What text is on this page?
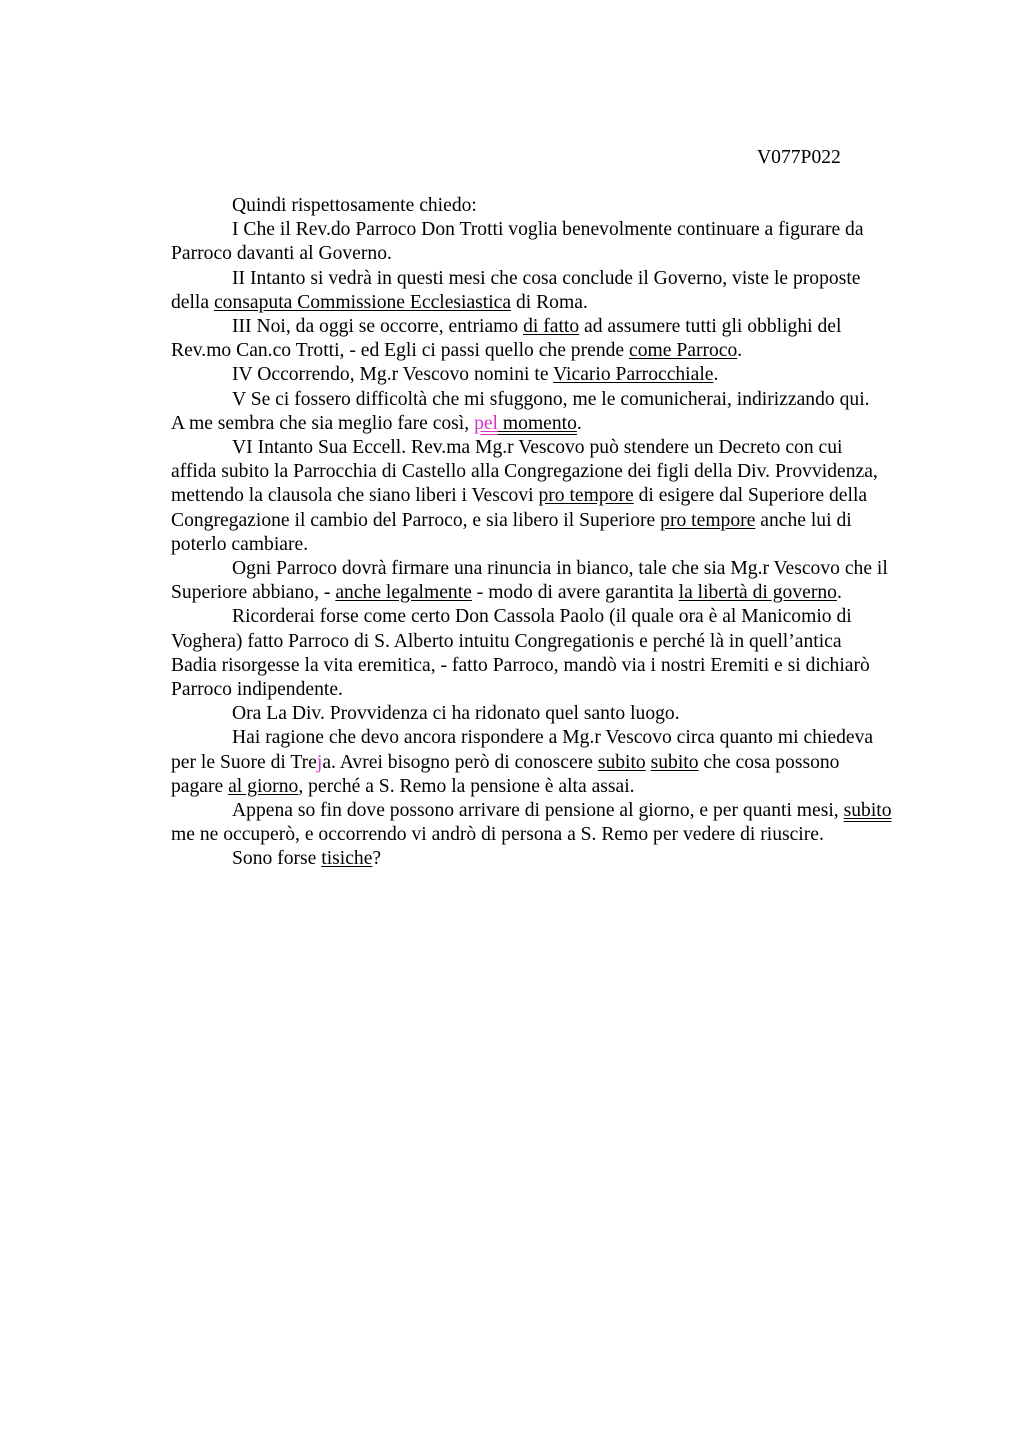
V077P022

Quindi rispettosamente chiedo:

I Che il Rev.do Parroco Don Trotti voglia benevolmente continuare a figurare da
Parroco davanti al Governo.

II Intanto si vedrà in questi mesi che cosa conclude il Governo, viste le proposte
della consaputa Commissione Ecclesiastica di Roma.

III Noi, da oggi se occorre, entriamo di fatto ad assumere tutti gli obblighi del
Rev.mo Can.co Trotti, - ed Egli ci passi quello che prende come Parroco.

IV Occorrendo, Mg.r Vescovo nomini te Vicario Parrocchiale.

V Se ci fossero difficoltà che mi sfuggono, me le comunicherai, indirizzando qui.
A me sembra che sia meglio fare così, pel momento.

VI Intanto Sua Eccell. Rev.ma Mg.r Vescovo può stendere un Decreto con cui
affida subito la Parrocchia di Castello alla Congregazione dei figli della Div. Provvidenza,
mettendo la clausola che siano liberi i Vescovi pro tempore di esigere dal Superiore della
Congregazione il cambio del Parroco, e sia libero il Superiore pro tempore anche lui di
poterlo cambiare.

Ogni Parroco dovrà firmare una rinuncia in bianco, tale che sia Mg.r Vescovo che il
Superiore abbiano, - anche legalmente - modo di avere garantita la libertà di governo.

Ricorderai forse come certo Don Cassola Paolo (il quale ora è al Manicomio di
Voghera) fatto Parroco di S. Alberto intuitu Congregationis e perché là in quell’antica
Badia risorgesse la vita eremitica, - fatto Parroco, mandò via i nostri Eremiti e si dichiarò
Parroco indipendente.

Ora La Div. Provvidenza ci ha ridonato quel santo luogo.

Hai ragione che devo ancora rispondere a Mg.r Vescovo circa quanto mi chiedeva
per le Suore di Treja. Avrei bisogno però di conoscere subito subito che cosa possono
pagare al giorno, perché a S. Remo la pensione è alta assai.

Appena so fin dove possono arrivare di pensione al giorno, e per quanti mesi, subito
me ne occuperò, e occorrendo vi andrò di persona a S. Remo per vedere di riuscire.

Sono forse tisiche?
